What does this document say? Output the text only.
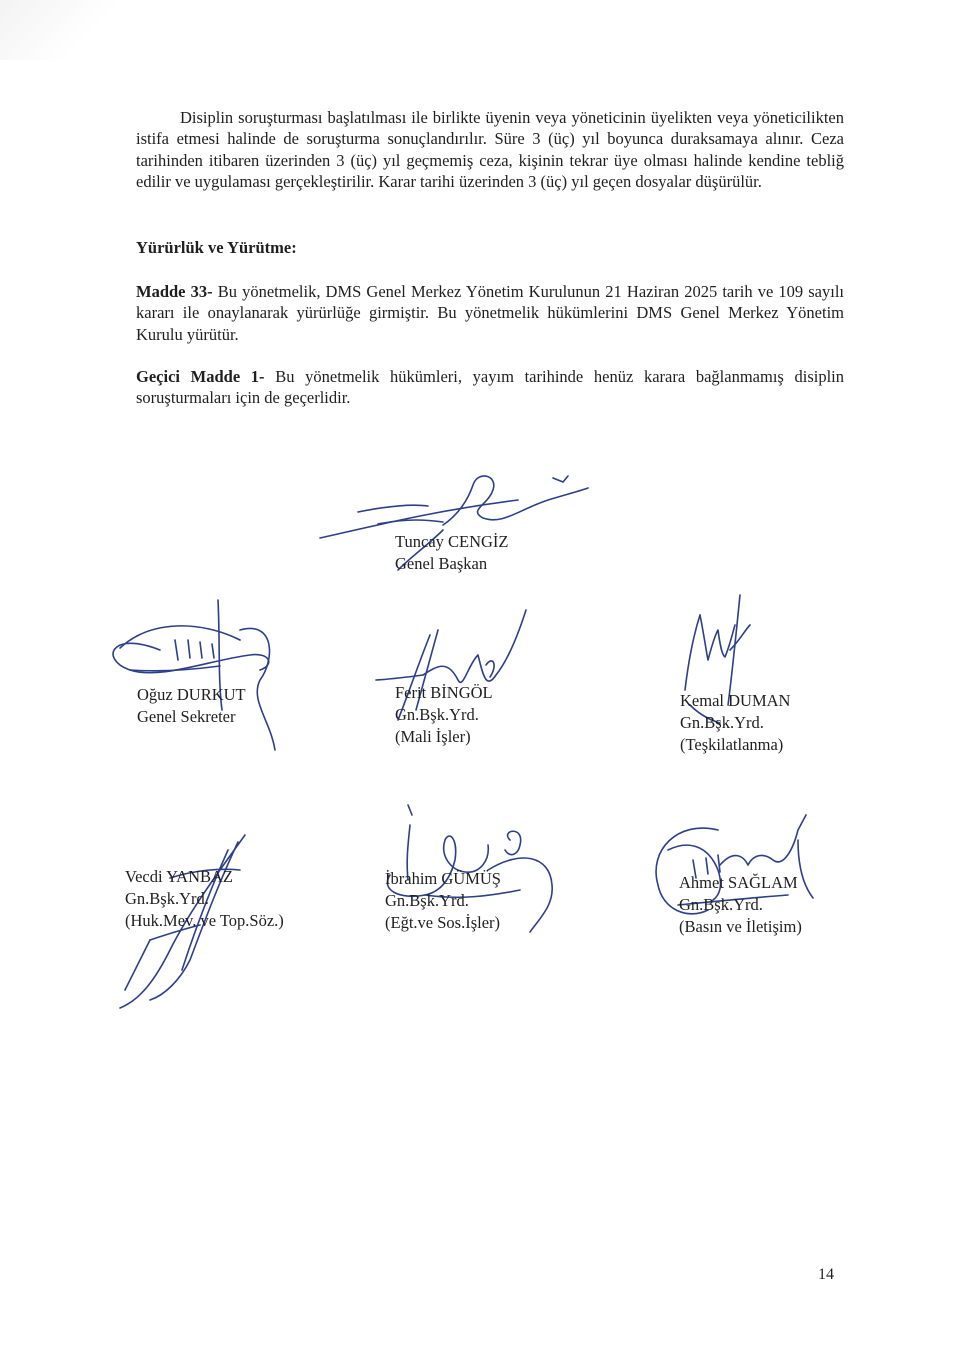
Disiplin soruşturması başlatılması ile birlikte üyenin veya yöneticinin üyelikten veya yöneticilikten istifa etmesi halinde de soruşturma sonuçlandırılır. Süre 3 (üç) yıl boyunca duraksamaya alınır. Ceza tarihinden itibaren üzerinden 3 (üç) yıl geçmemiş ceza, kişinin tekrar üye olması halinde kendine tebliğ edilir ve uygulaması gerçekleştirilir. Karar tarihi üzerinden 3 (üç) yıl geçen dosyalar düşürülür.

Yürürlük ve Yürütme:

Madde 33- Bu yönetmelik, DMS Genel Merkez Yönetim Kurulunun 21 Haziran 2025 tarih ve 109 sayılı kararı ile onaylanarak yürürlüğe girmiştir. Bu yönetmelik hükümlerini DMS Genel Merkez Yönetim Kurulu yürütür.

Geçici Madde 1- Bu yönetmelik hükümleri, yayım tarihinde henüz karara bağlanmamış disiplin soruşturmaları için de geçerlidir.

Tuncay CENGİZ
Genel Başkan
Oğuz DURKUT
Genel Sekreter
Ferit BİNGÖL
Gn.Bşk.Yrd.
(Mali İşler)
Kemal DUMAN
Gn.Bşk.Yrd.
(Teşkilatlanma)
Vecdi YANBAZ
Gn.Bşk.Yrd.
(Huk.Mev. ve Top.Söz.)
İbrahim GÜMÜŞ
Gn.Bşk.Yrd.
(Eğt.ve Sos.İşler)
Ahmet SAĞLAM
Gn.Bşk.Yrd.
(Basın ve İletişim)
14
